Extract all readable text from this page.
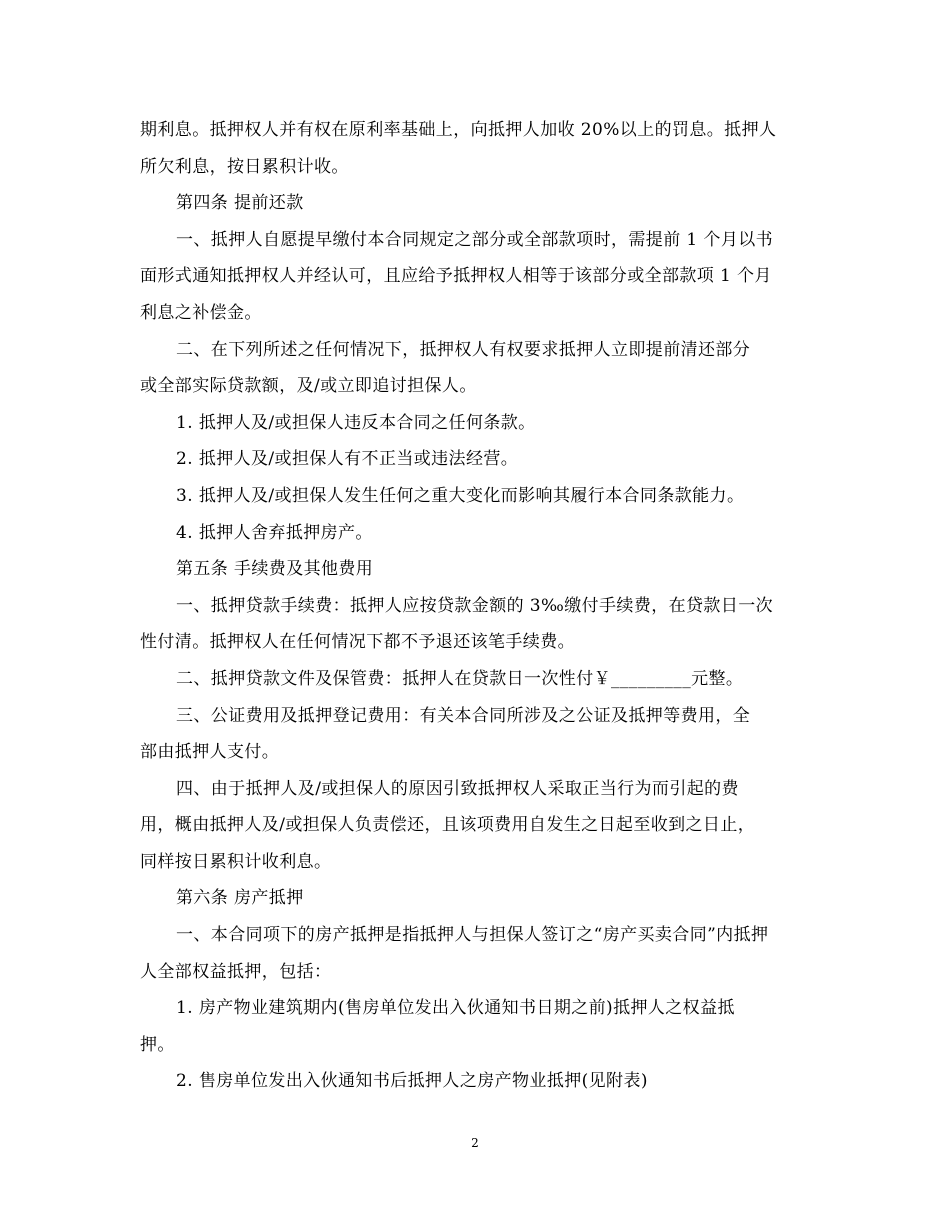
期利息。抵押权人并有权在原利率基础上，向抵押人加收 20%以上的罚息。抵押人
所欠利息，按日累积计收。
第四条 提前还款
一、抵押人自愿提早缴付本合同规定之部分或全部款项时，需提前 1 个月以书
面形式通知抵押权人并经认可，且应给予抵押权人相等于该部分或全部款项 1 个月
利息之补偿金。
二、在下列所述之任何情况下，抵押权人有权要求抵押人立即提前清还部分
或全部实际贷款额，及/或立即追讨担保人。
1. 抵押人及/或担保人违反本合同之任何条款。
2. 抵押人及/或担保人有不正当或违法经营。
3. 抵押人及/或担保人发生任何之重大变化而影响其履行本合同条款能力。
4. 抵押人舍弃抵押房产。
第五条 手续费及其他费用
一、抵押贷款手续费：抵押人应按贷款金额的 3‰缴付手续费，在贷款日一次
性付清。抵押权人在任何情况下都不予退还该笔手续费。
二、抵押贷款文件及保管费：抵押人在贷款日一次性付￥_________元整。
三、公证费用及抵押登记费用：有关本合同所涉及之公证及抵押等费用，全
部由抵押人支付。
四、由于抵押人及/或担保人的原因引致抵押权人采取正当行为而引起的费
用，概由抵押人及/或担保人负责偿还，且该项费用自发生之日起至收到之日止，
同样按日累积计收利息。
第六条 房产抵押
一、本合同项下的房产抵押是指抵押人与担保人签订之“房产买卖合同”内抵押
人全部权益抵押，包括：
1. 房产物业建筑期内(售房单位发出入伙通知书日期之前)抵押人之权益抵
押。
2. 售房单位发出入伙通知书后抵押人之房产物业抵押(见附表)
2
